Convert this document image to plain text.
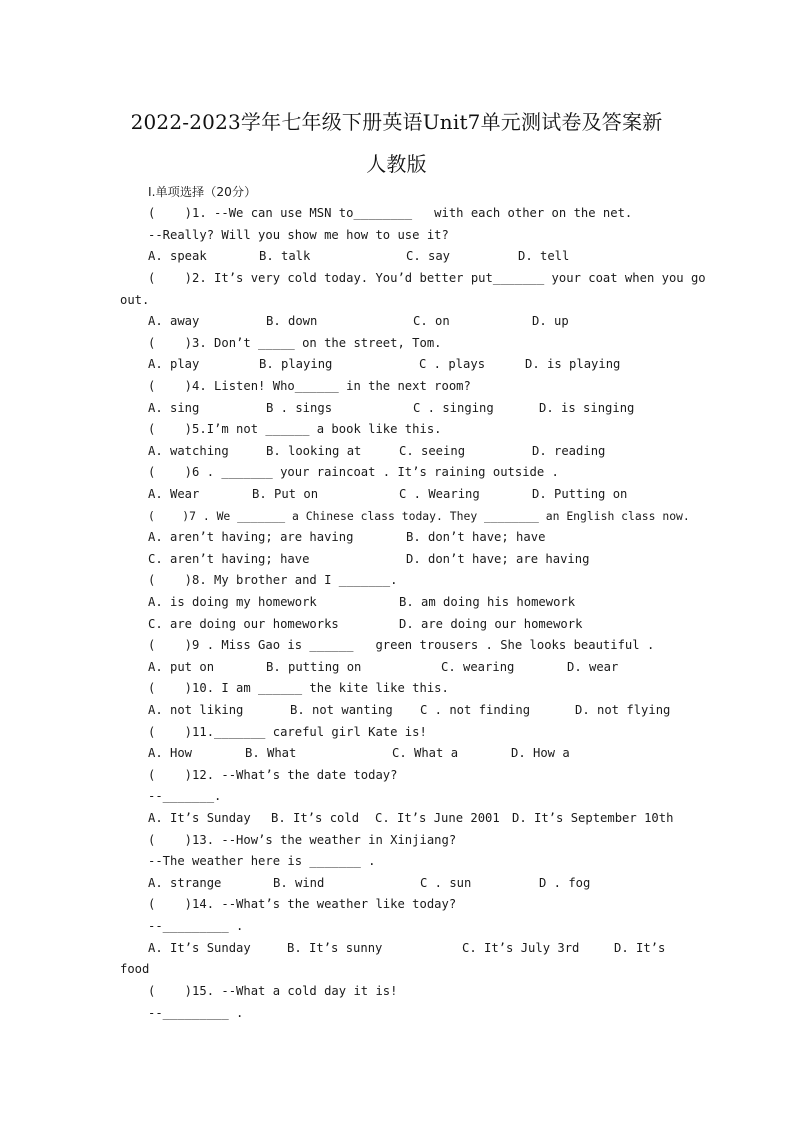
2022-2023学年七年级下册英语Unit7单元测试卷及答案新
人教版
I.单项选择（20分）
(    )1. --We can use MSN to________   with each other on the net.
--Really? Will you show me how to use it?
A. speak	B. talk	C. say	D. tell
(    )2. It’s very cold today. You’d better put_______ your coat when you go
out.
A. away	B. down	C. on	D. up
(    )3. Don’t _____ on the street, Tom.
A. play	B. playing	C . plays	D. is playing
(    )4. Listen! Who______ in the next room?
A. sing	B . sings	C . singing	D. is singing
(    )5.I’m not ______ a book like this.
A. watching	B. looking at	C. seeing	D. reading
(    )6 . _______ your raincoat . It’s raining outside .
A. Wear	B. Put on	C . Wearing	D. Putting on
(    )7 . We _______ a Chinese class today. They ________ an English class now.
A. aren’t having; are having	B. don’t have; have
C. aren’t having; have	D. don’t have; are having
(    )8. My brother and I _______.
A. is doing my homework	B. am doing his homework
C. are doing our homeworks	D. are doing our homework
(    )9 . Miss Gao is ______   green trousers . She looks beautiful .
A. put on	B. putting on	C. wearing	D. wear
(    )10. I am ______ the kite like this.
A. not liking	B. not wanting C . not finding	D. not flying
(    )11._______ careful girl Kate is!
A. How	B. What	C. What a	D. How a
(    )12. --What’s the date today?
--_______.
A. It’s Sunday B. It’s cold C. It’s June 2001 D. It’s September 10th
(    )13. --How’s the weather in Xinjiang?
--The weather here is _______ .
A. strange	B. wind	C . sun	D . fog
(    )14. --What’s the weather like today?
--_________ .
A. It’s Sunday	B. It’s sunny	C. It’s July 3rd	D. It’s
food
(    )15. --What a cold day it is!
--_________ .
